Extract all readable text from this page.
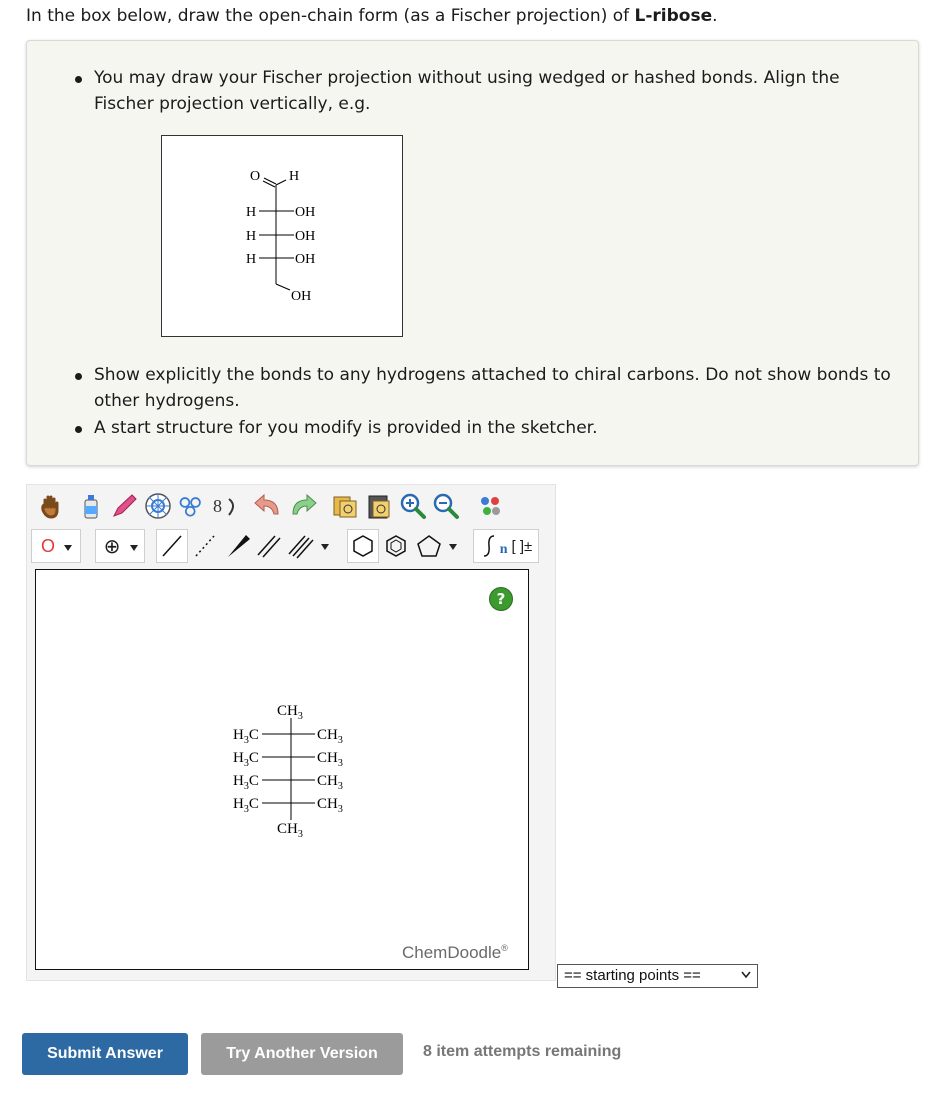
In the box below, draw the open-chain form (as a Fischer projection) of L-ribose.
You may draw your Fischer projection without using wedged or hashed bonds. Align the Fischer projection vertically, e.g.
O H
H
H
H
OH
OH
OH
OH
Show explicitly the bonds to any hydrogens attached to chiral carbons. Do not show bonds to other hydrogens.
A start structure for you modify is provided in the sketcher.
8
O ⊕	n [ ]±
?
$CH_3$
$H_3C$
$H_3C$
$H_3C$
$H_3C$
$CH_3$
$CH_3$
$CH_3$
$CH_3$
$CH_3$
ChemDoodle®
== starting points ==
Submit Answer	Try Another Version	8 item attempts remaining
